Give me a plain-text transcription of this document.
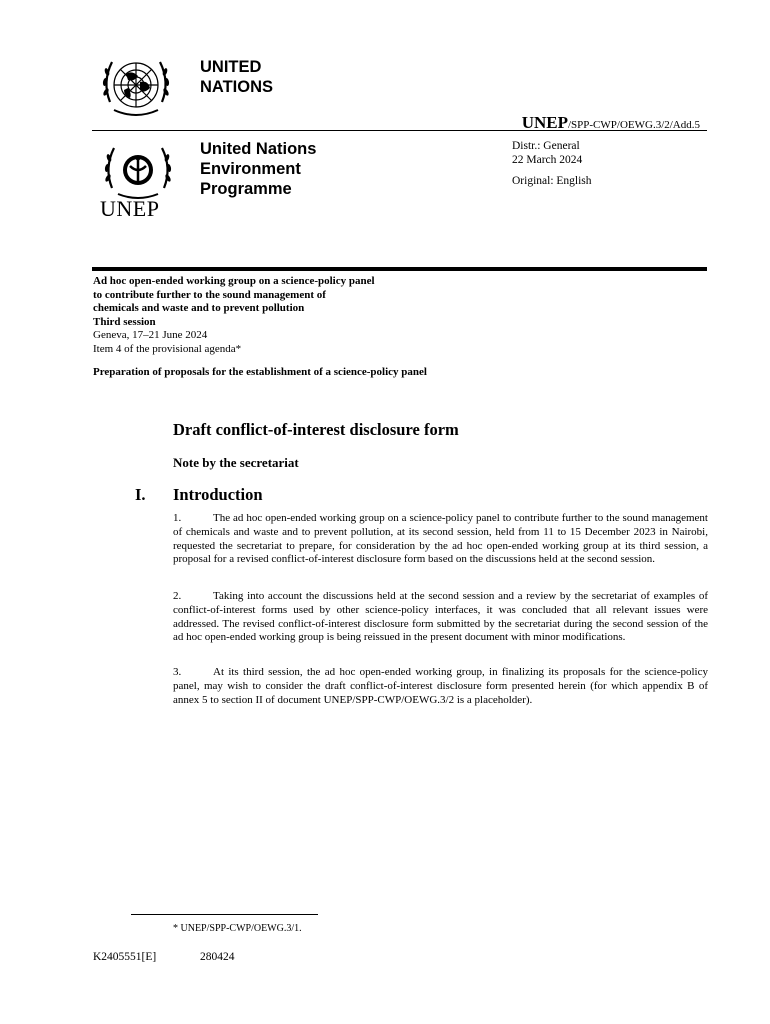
UNITED
NATIONS
UNEP/SPP-CWP/OEWG.3/2/Add.5
UNEP
United Nations
Environment
Programme
Distr.: General
22 March 2024
Original: English
Ad hoc open-ended working group on a science-policy panel
to contribute further to the sound management of
chemicals and waste and to prevent pollution
Third session
Geneva, 17–21 June 2024
Item 4 of the provisional agenda*
Preparation of proposals for the establishment of a science-policy panel
Draft conflict-of-interest disclosure form
Note by the secretariat
I. Introduction
1.	The ad hoc open-ended working group on a science-policy panel to contribute further to the sound management of chemicals and waste and to prevent pollution, at its second session, held from 11 to 15 December 2023 in Nairobi, requested the secretariat to prepare, for consideration by the ad hoc open-ended working group at its third session, a proposal for a revised conflict-of-interest disclosure form based on the discussions held at the second session.
2.	Taking into account the discussions held at the second session and a review by the secretariat of examples of conflict-of-interest forms used by other science-policy interfaces, it was concluded that all relevant issues were addressed. The revised conflict-of-interest disclosure form submitted by the secretariat during the second session of the ad hoc open-ended working group is being reissued in the present document with minor modifications.
3.	At its third session, the ad hoc open-ended working group, in finalizing its proposals for the science-policy panel, may wish to consider the draft conflict-of-interest disclosure form presented herein (for which appendix B of annex 5 to section II of document UNEP/SPP-CWP/OEWG.3/2 is a placeholder).
* UNEP/SPP-CWP/OEWG.3/1.
K2405551[E]	280424
